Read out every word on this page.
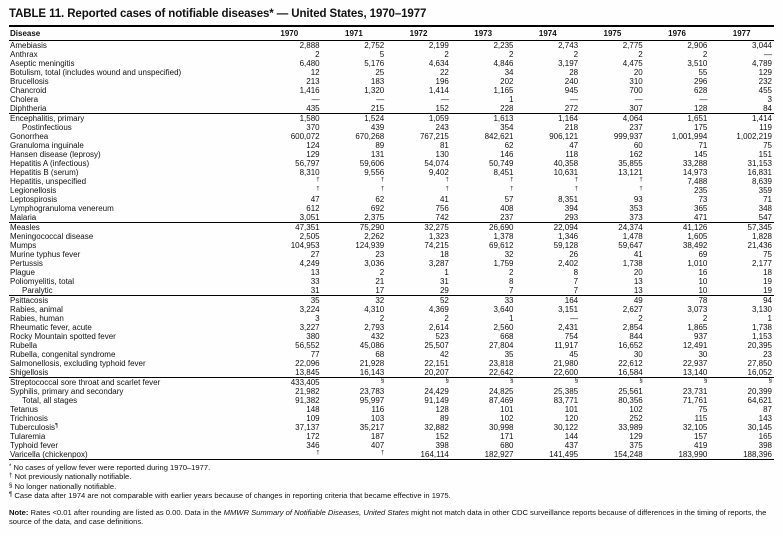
TABLE 11. Reported cases of notifiable diseases* — United States, 1970–1977
Disease	1970	1971	1972	1973	1974	1975	1976	1977
Amebiasis	2,888	2,752	2,199	2,235	2,743	2,775	2,906	3,044
Anthrax	2	5	2	2	2	2	2	—
Aseptic meningitis	6,480	5,176	4,634	4,846	3,197	4,475	3,510	4,789
Botulism, total (includes wound and unspecified)	12	25	22	34	28	20	55	129
Brucellosis	213	183	196	202	240	310	296	232
Chancroid	1,416	1,320	1,414	1,165	945	700	628	455
Cholera	—	—	—	1	—	—	—	3
Diphtheria	435	215	152	228	272	307	128	84
Encephalitis, primary	1,580	1,524	1,059	1,613	1,164	4,064	1,651	1,414
Postinfectious	370	439	243	354	218	237	175	119
Gonorrhea	600,072	670,268	767,215	842,621	906,121	999,937	1,001,994	1,002,219
Granuloma inguinale	124	89	81	62	47	60	71	75
Hansen disease (leprosy)	129	131	130	146	118	162	145	151
Hepatitis A (infectious)	56,797	59,606	54,074	50,749	40,358	35,855	33,288	31,153
Hepatitis B (serum)	8,310	9,556	9,402	8,451	10,631	13,121	14,973	16,831
Hepatitis, unspecified	†	†	†	†	†	†	7,488	8,639
Legionellosis	†	†	†	†	†	†	235	359
Leptospirosis	47	62	41	57	8,351	93	73	71
Lymphogranuloma venereum	612	692	756	408	394	353	365	348
Malaria	3,051	2,375	742	237	293	373	471	547
Measles	47,351	75,290	32,275	26,690	22,094	24,374	41,126	57,345
Meningococcal disease	2,505	2,262	1,323	1,378	1,346	1,478	1,605	1,828
Mumps	104,953	124,939	74,215	69,612	59,128	59,647	38,492	21,436
Murine typhus fever	27	23	18	32	26	41	69	75
Pertussis	4,249	3,036	3,287	1,759	2,402	1,738	1,010	2,177
Plague	13	2	1	2	8	20	16	18
Poliomyelitis, total	33	21	31	8	7	13	10	19
Paralytic	31	17	29	7	7	13	10	19
Psittacosis	35	32	52	33	164	49	78	94
Rabies, animal	3,224	4,310	4,369	3,640	3,151	2,627	3,073	3,130
Rabies, human	3	2	2	1	—	2	2	1
Rheumatic fever, acute	3,227	2,793	2,614	2,560	2,431	2,854	1,865	1,738
Rocky Mountain spotted fever	380	432	523	668	754	844	937	1,153
Rubella	56,552	45,086	25,507	27,804	11,917	16,652	12,491	20,395
Rubella, congenital syndrome	77	68	42	35	45	30	30	23
Salmonellosis, excluding typhoid fever	22,096	21,928	22,151	23,818	21,980	22,612	22,937	27,850
Shigellosis	13,845	16,143	20,207	22,642	22,600	16,584	13,140	16,052
Streptococcal sore throat and scarlet fever	433,405	§	§	§	§	§	§	§
Syphilis, primary and secondary	21,982	23,783	24,429	24,825	25,385	25,561	23,731	20,399
Total, all stages	91,382	95,997	91,149	87,469	83,771	80,356	71,761	64,621
Tetanus	148	116	128	101	101	102	75	87
Trichinosis	109	103	89	102	120	252	115	143
Tuberculosis¶	37,137	35,217	32,882	30,998	30,122	33,989	32,105	30,145
Tularemia	172	187	152	171	144	129	157	165
Typhoid fever	346	407	398	680	437	375	419	398
Varicella (chickenpox)	†	†	164,114	182,927	141,495	154,248	183,990	188,396
* No cases of yellow fever were reported during 1970–1977.
† Not previously nationally notifiable.
§ No longer nationally notifiable.
¶ Case data after 1974 are not comparable with earlier years because of changes in reporting criteria that became effective in 1975.
Note: Rates <0.01 after rounding are listed as 0.00. Data in the MMWR Summary of Notifiable Diseases, United States might not match data in other CDC surveillance reports because of differences in the timing of reports, the source of the data, and case definitions.
